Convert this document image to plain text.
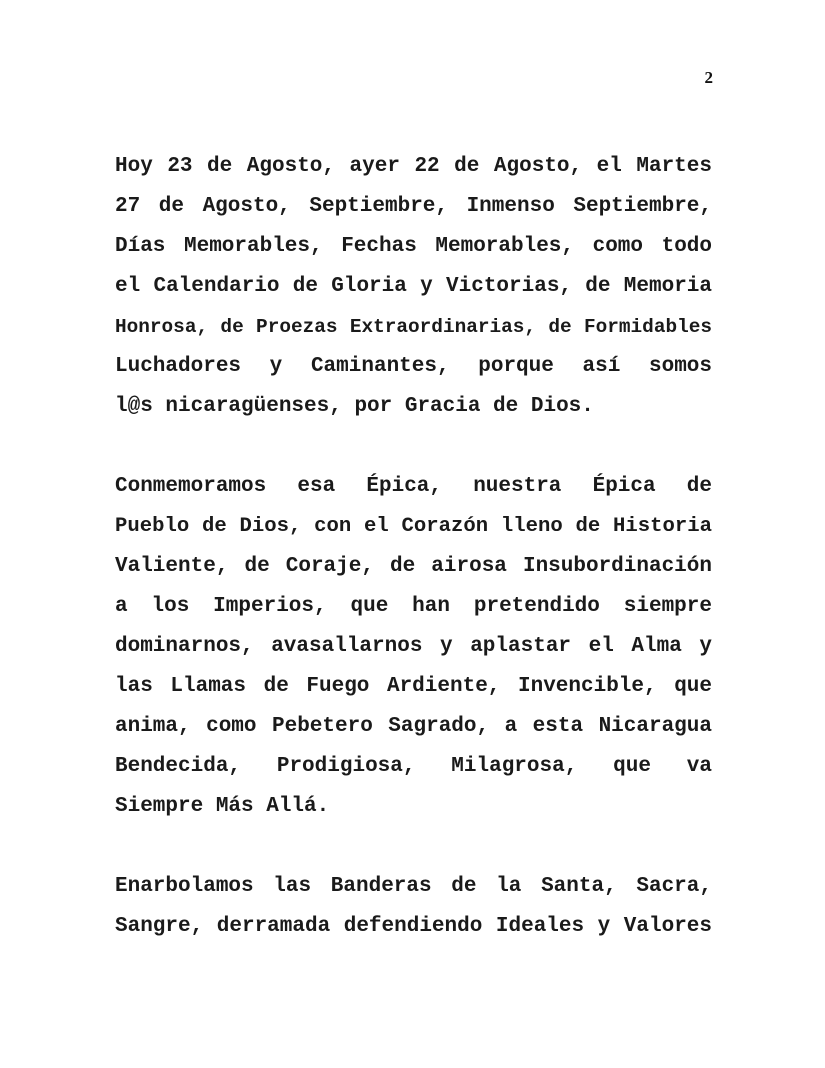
2
Hoy 23 de Agosto, ayer 22 de Agosto, el Martes
27 de Agosto, Septiembre, Inmenso Septiembre,
Días Memorables, Fechas Memorables, como todo
el Calendario de Gloria y Victorias, de Memoria
Honrosa, de Proezas Extraordinarias, de Formidables
Luchadores y Caminantes, porque así somos
l@s nicaragüenses, por Gracia de Dios.
Conmemoramos esa Épica, nuestra Épica de
Pueblo de Dios, con el Corazón lleno de Historia
Valiente, de Coraje, de airosa Insubordinación
a los Imperios, que han pretendido siempre
dominarnos, avasallarnos y aplastar el Alma y
las Llamas de Fuego Ardiente, Invencible, que
anima, como Pebetero Sagrado, a esta Nicaragua
Bendecida, Prodigiosa, Milagrosa, que va
Siempre Más Allá.
Enarbolamos las Banderas de la Santa, Sacra,
Sangre, derramada defendiendo Ideales y Valores
